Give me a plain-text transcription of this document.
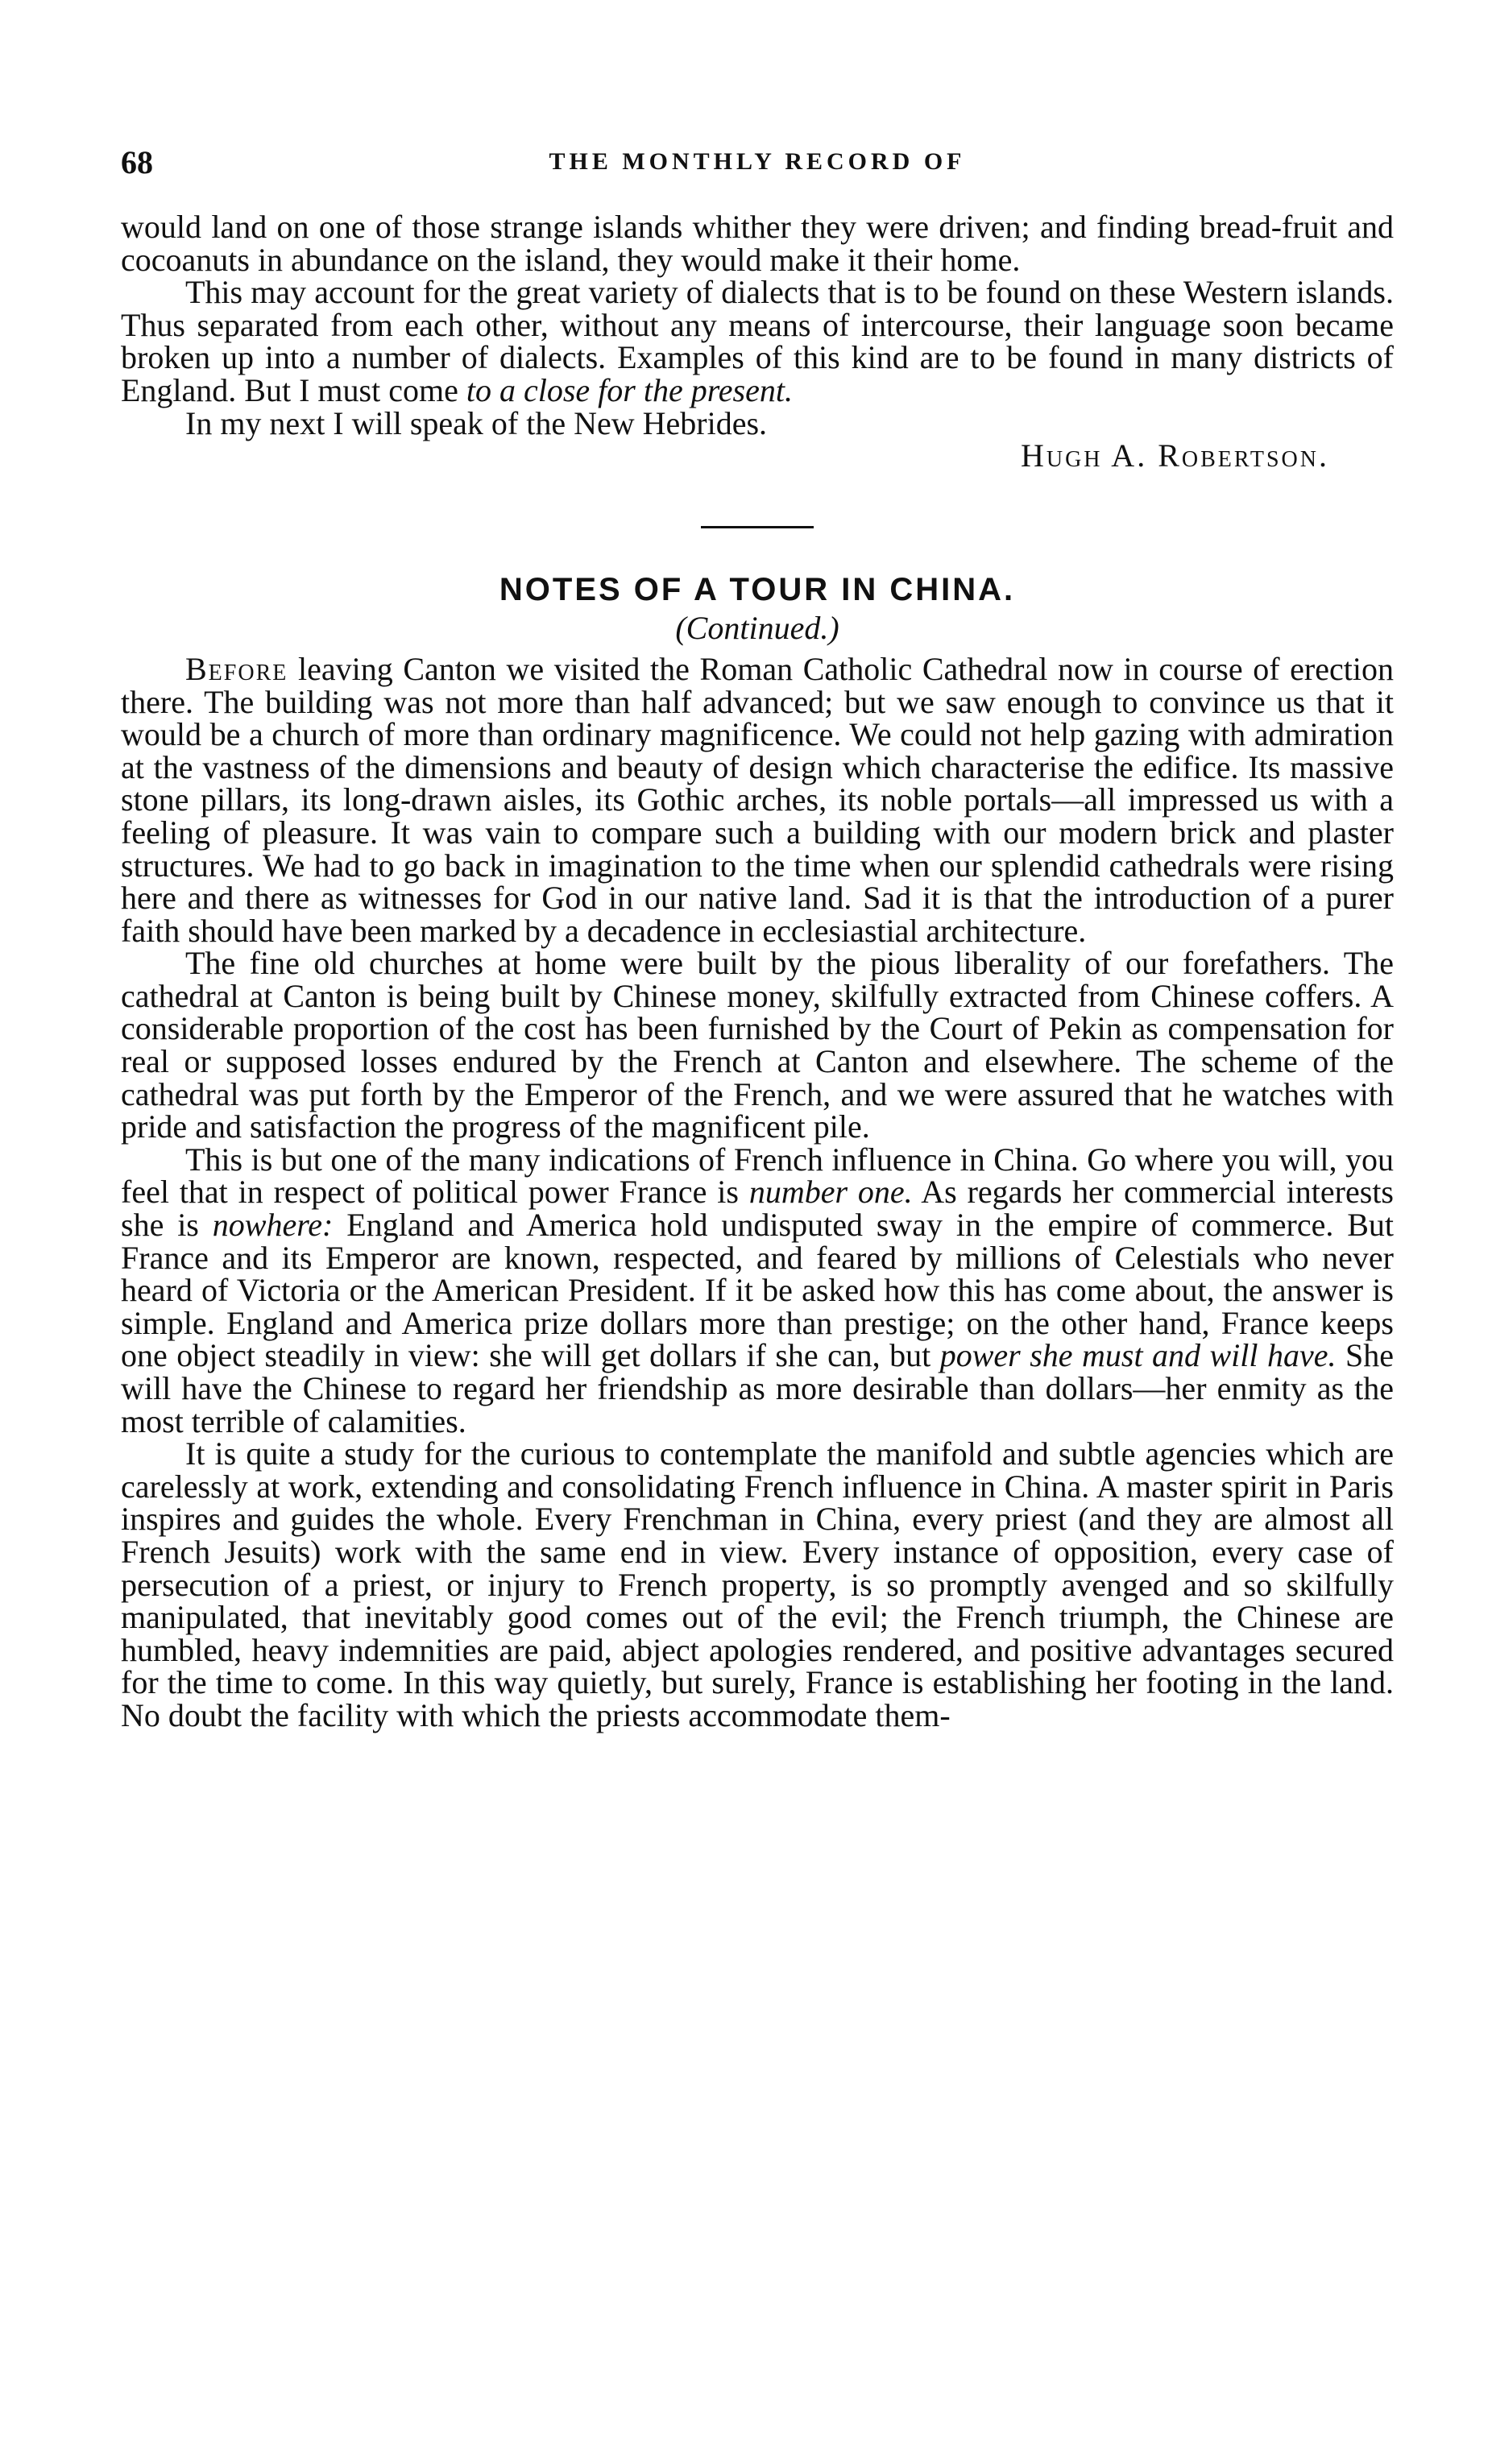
68	THE MONTHLY RECORD OF

would land on one of those strange islands whither they were driven; and finding bread-fruit and cocoanuts in abundance on the island, they would make it their home.

This may account for the great variety of dialects that is to be found on these Western islands. Thus separated from each other, without any means of intercourse, their language soon became broken up into a number of dialects. Examples of this kind are to be found in many districts of England. But I must come to a close for the present.

In my next I will speak of the New Hebrides.

Hugh A. Robertson.

NOTES OF A TOUR IN CHINA.
(Continued.)

Before leaving Canton we visited the Roman Catholic Cathedral now in course of erection there. The building was not more than half advanced; but we saw enough to convince us that it would be a church of more than ordinary magnificence. We could not help gazing with admiration at the vastness of the dimensions and beauty of design which characterise the edifice. Its massive stone pillars, its long-drawn aisles, its Gothic arches, its noble portals—all impressed us with a feeling of pleasure. It was vain to compare such a building with our modern brick and plaster structures. We had to go back in imagination to the time when our splendid cathedrals were rising here and there as witnesses for God in our native land. Sad it is that the introduction of a purer faith should have been marked by a decadence in ecclesiastial architecture.

The fine old churches at home were built by the pious liberality of our forefathers. The cathedral at Canton is being built by Chinese money, skilfully extracted from Chinese coffers. A considerable proportion of the cost has been furnished by the Court of Pekin as compensation for real or supposed losses endured by the French at Canton and elsewhere. The scheme of the cathedral was put forth by the Emperor of the French, and we were assured that he watches with pride and satisfaction the progress of the magnificent pile.

This is but one of the many indications of French influence in China. Go where you will, you feel that in respect of political power France is number one. As regards her commercial interests she is nowhere: England and America hold undisputed sway in the empire of commerce. But France and its Emperor are known, respected, and feared by millions of Celestials who never heard of Victoria or the American President. If it be asked how this has come about, the answer is simple. England and America prize dollars more than prestige; on the other hand, France keeps one object steadily in view: she will get dollars if she can, but power she must and will have. She will have the Chinese to regard her friendship as more desirable than dollars—her enmity as the most terrible of calamities.

It is quite a study for the curious to contemplate the manifold and subtle agencies which are carelessly at work, extending and consolidating French influence in China. A master spirit in Paris inspires and guides the whole. Every Frenchman in China, every priest (and they are almost all French Jesuits) work with the same end in view. Every instance of opposition, every case of persecution of a priest, or injury to French property, is so promptly avenged and so skilfully manipulated, that inevitably good comes out of the evil; the French triumph, the Chinese are humbled, heavy indemnities are paid, abject apologies rendered, and positive advantages secured for the time to come. In this way quietly, but surely, France is establishing her footing in the land. No doubt the facility with which the priests accommodate them-
